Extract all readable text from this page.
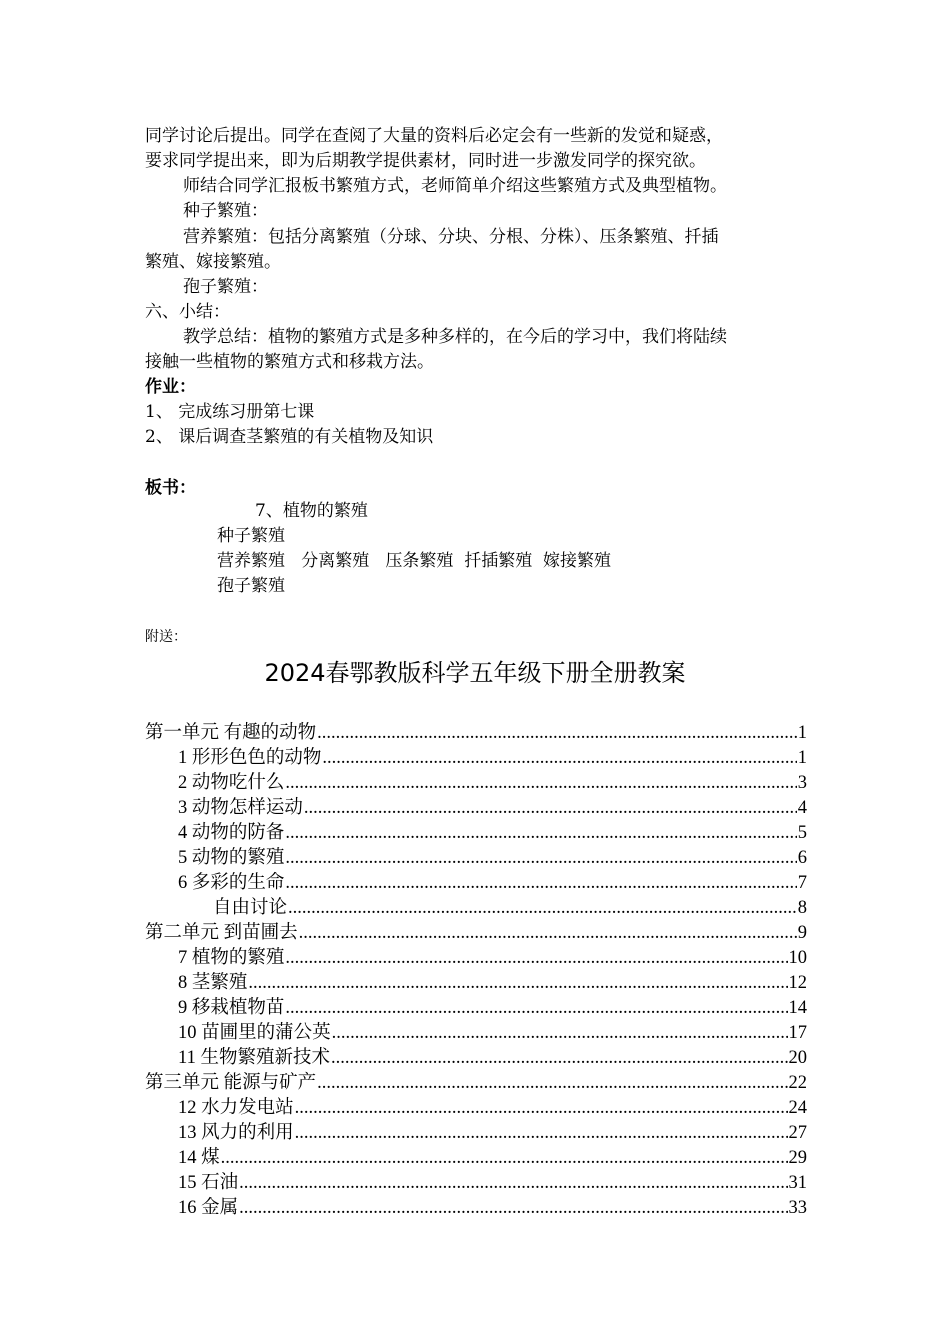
同学讨论后提出。同学在查阅了大量的资料后必定会有一些新的发觉和疑惑，
要求同学提出来，即为后期教学提供素材，同时进一步激发同学的探究欲。
师结合同学汇报板书繁殖方式，老师简单介绍这些繁殖方式及典型植物。
种子繁殖：
营养繁殖：包括分离繁殖（分球、分块、分根、分株）、压条繁殖、扦插
繁殖、嫁接繁殖。
孢子繁殖：
六、小结：
教学总结：植物的繁殖方式是多种多样的，在今后的学习中，我们将陆续
接触一些植物的繁殖方式和移栽方法。
作业：
1、 完成练习册第七课
2、 课后调查茎繁殖的有关植物及知识
板书：
7、植物的繁殖
种子繁殖
营养繁殖   分离繁殖   压条繁殖  扦插繁殖  嫁接繁殖
孢子繁殖
附送：
2024春鄂教版科学五年级下册全册教案
第一单元 有趣的动物 .....	1
1 形形色色的动物 .....	1
2 动物吃什么 .....	3
3 动物怎样运动 .....	4
4 动物的防备 .....	5
5 动物的繁殖 .....	6
6 多彩的生命 .....	7
自由讨论 .....	8
第二单元 到苗圃去 .....	9
7 植物的繁殖 .....	10
8 茎繁殖 .....	12
9 移栽植物苗 .....	14
10 苗圃里的蒲公英 .....	17
11 生物繁殖新技术 .....	20
第三单元 能源与矿产 .....	22
12 水力发电站 .....	24
13 风力的利用 .....	27
14 煤 .....	29
15 石油 .....	31
16 金属 .....	33
